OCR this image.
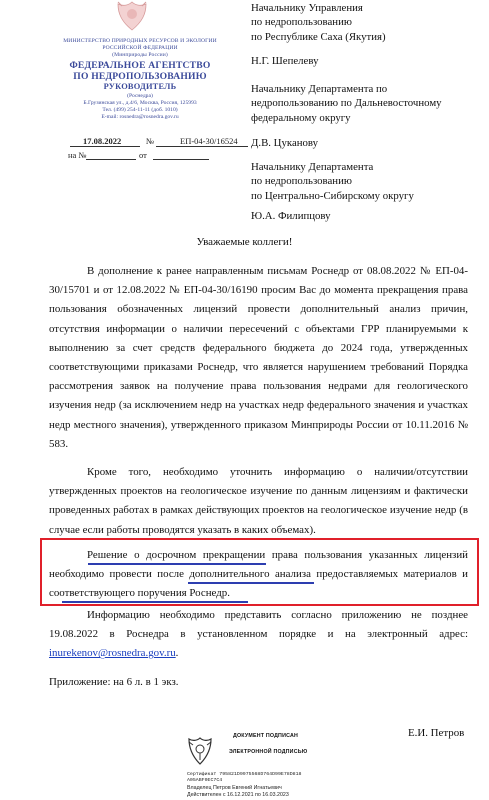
МИНИСТЕРСТВО ПРИРОДНЫХ РЕСУРСОВ И ЭКОЛОГИИ
РОССИЙСКОЙ ФЕДЕРАЦИИ
(Минприроды России)
ФЕДЕРАЛЬНОЕ АГЕНТСТВО
ПО НЕДРОПОЛЬЗОВАНИЮ
РУКОВОДИТЕЛЬ
(Роснедра)
Б.Грузинская ул., д.4/6, Москва, Россия, 125993
Тел. (499) 254-11-11 (доб. 1010)
E-mail: rosnedra@rosnedra.gov.ru
17.08.2022	№	ЕП-04-30/16524
на №	от
Начальнику Управления
по недропользованию
по Республике Саха (Якутия)
Н.Г. Шепелеву
Начальнику Департамента по
недропользованию по Дальневосточному
федеральному округу
Д.В. Цуканову
Начальнику Департамента
по недропользованию
по Центрально-Сибирскому округу
Ю.А. Филипцову
Уважаемые коллеги!
В дополнение к ранее направленным письмам Роснедр от 08.08.2022 № ЕП-04-30/15701 и от 12.08.2022 № ЕП-04-30/16190 просим Вас до момента прекращения права пользования обозначенных лицензий провести дополнительный анализ причин, отсутствия информации о наличии пересечений с объектами ГРР планируемыми к выполнению за счет средств федерального бюджета до 2024 года, утвержденных соответствующими приказами Роснедр, что является нарушением требований Порядка рассмотрения заявок на получение права пользования недрами для геологического изучения недр (за исключением недр на участках недр федерального значения и участках недр местного значения), утвержденного приказом Минприроды России от 10.11.2016 № 583.
Кроме того, необходимо уточнить информацию о наличии/отсутствии утвержденных проектов на геологическое изучение по данным лицензиям и фактически проведенных работах в рамках действующих проектов на геологическое изучение недр (в случае если работы проводятся указать в каких объемах).
Решение о досрочном прекращении права пользования указанных лицензий необходимо провести после дополнительного анализа предоставляемых материалов и соответствующего поручения Роснедр.
Информацию необходимо представить согласно приложению не позднее 19.08.2022 в Роснедра в установленном порядке и на электронный адрес: inurekenov@rosnedra.gov.ru.
Приложение: на 6 л. в 1 экз.
Е.И. Петров
ДОКУМЕНТ ПОДПИСАН
ЭЛЕКТРОННОЙ ПОДПИСЬЮ
Сертификат 795821D9975568D764D99E78D818
A05ABF0EC7C4
Владелец Петров Евгений Игнатьевич
Действителен с 16.12.2021 по 16.03.2023
